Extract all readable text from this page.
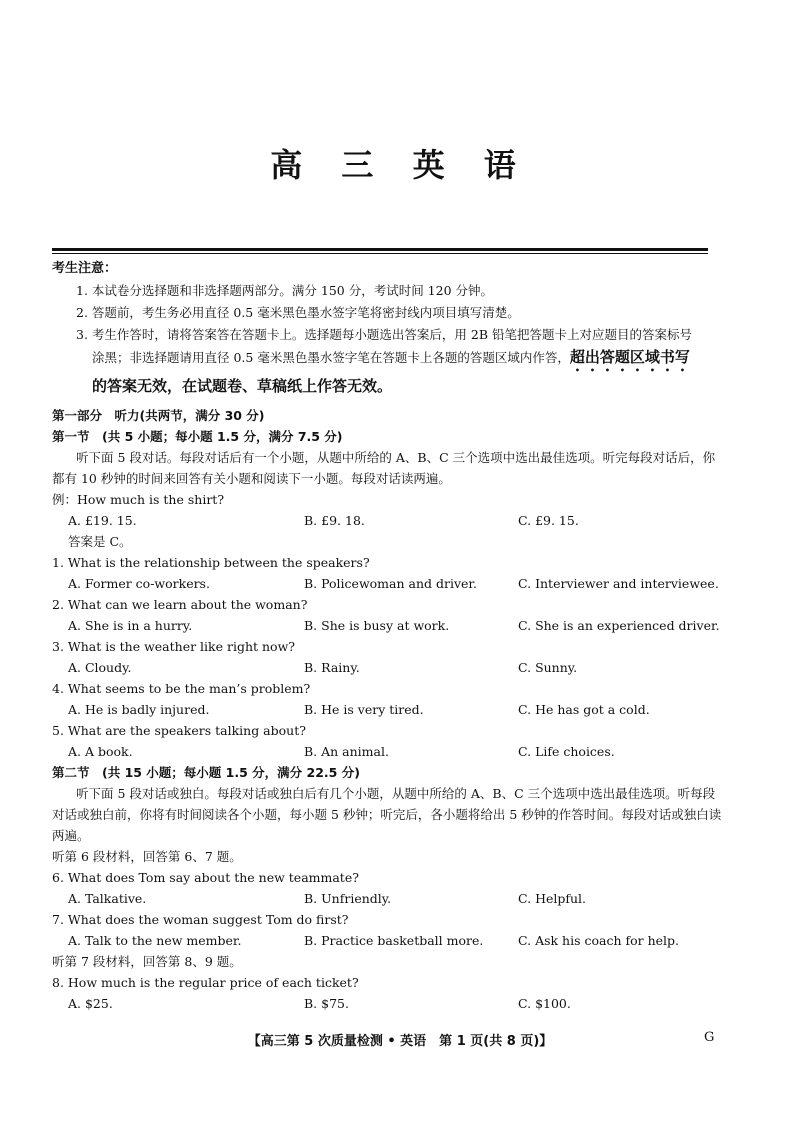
高 三 英 语

考生注意：

1. 本试卷分选择题和非选择题两部分。满分 150 分，考试时间 120 分钟。

2. 答题前，考生务必用直径 0.5 毫米黑色墨水签字笔将密封线内项目填写清楚。

3. 考生作答时，请将答案答在答题卡上。选择题每小题选出答案后，用 2B 铅笔把答题卡上对应题目的答案标号

涂黑；非选择题请用直径 0.5 毫米黑色墨水签字笔在答题卡上各题的答题区域内作答，超出答题区域书写

的答案无效，在试题卷、草稿纸上作答无效。

第一部分　听力(共两节，满分 30 分)

第一节　(共 5 小题；每小题 1.5 分，满分 7.5 分)

听下面 5 段对话。每段对话后有一个小题，从题中所给的 A、B、C 三个选项中选出最佳选项。听完每段对话后，你都有 10 秒钟的时间来回答有关小题和阅读下一小题。每段对话读两遍。

例：How much is the shirt?

A. £19. 15.	B. £9. 18.	C. £9. 15.

答案是 C。

1. What is the relationship between the speakers?

A. Former co-workers.	B. Policewoman and driver.	C. Interviewer and interviewee.

2. What can we learn about the woman?

A. She is in a hurry.	B. She is busy at work.	C. She is an experienced driver.

3. What is the weather like right now?

A. Cloudy.	B. Rainy.	C. Sunny.

4. What seems to be the man’s problem?

A. He is badly injured.	B. He is very tired.	C. He has got a cold.

5. What are the speakers talking about?

A. A book.	B. An animal.	C. Life choices.

第二节　(共 15 小题；每小题 1.5 分，满分 22.5 分)

听下面 5 段对话或独白。每段对话或独白后有几个小题，从题中所给的 A、B、C 三个选项中选出最佳选项。听每段对话或独白前，你将有时间阅读各个小题，每小题 5 秒钟；听完后，各小题将给出 5 秒钟的作答时间。每段对话或独白读两遍。

听第 6 段材料，回答第 6、7 题。

6. What does Tom say about the new teammate?

A. Talkative.	B. Unfriendly.	C. Helpful.

7. What does the woman suggest Tom do first?

A. Talk to the new member.	B. Practice basketball more.	C. Ask his coach for help.

听第 7 段材料，回答第 8、9 题。

8. How much is the regular price of each ticket?

A. $25.	B. $75.	C. $100.
【高三第 5 次质量检测 • 英语　第 1 页(共 8 页)】	G
